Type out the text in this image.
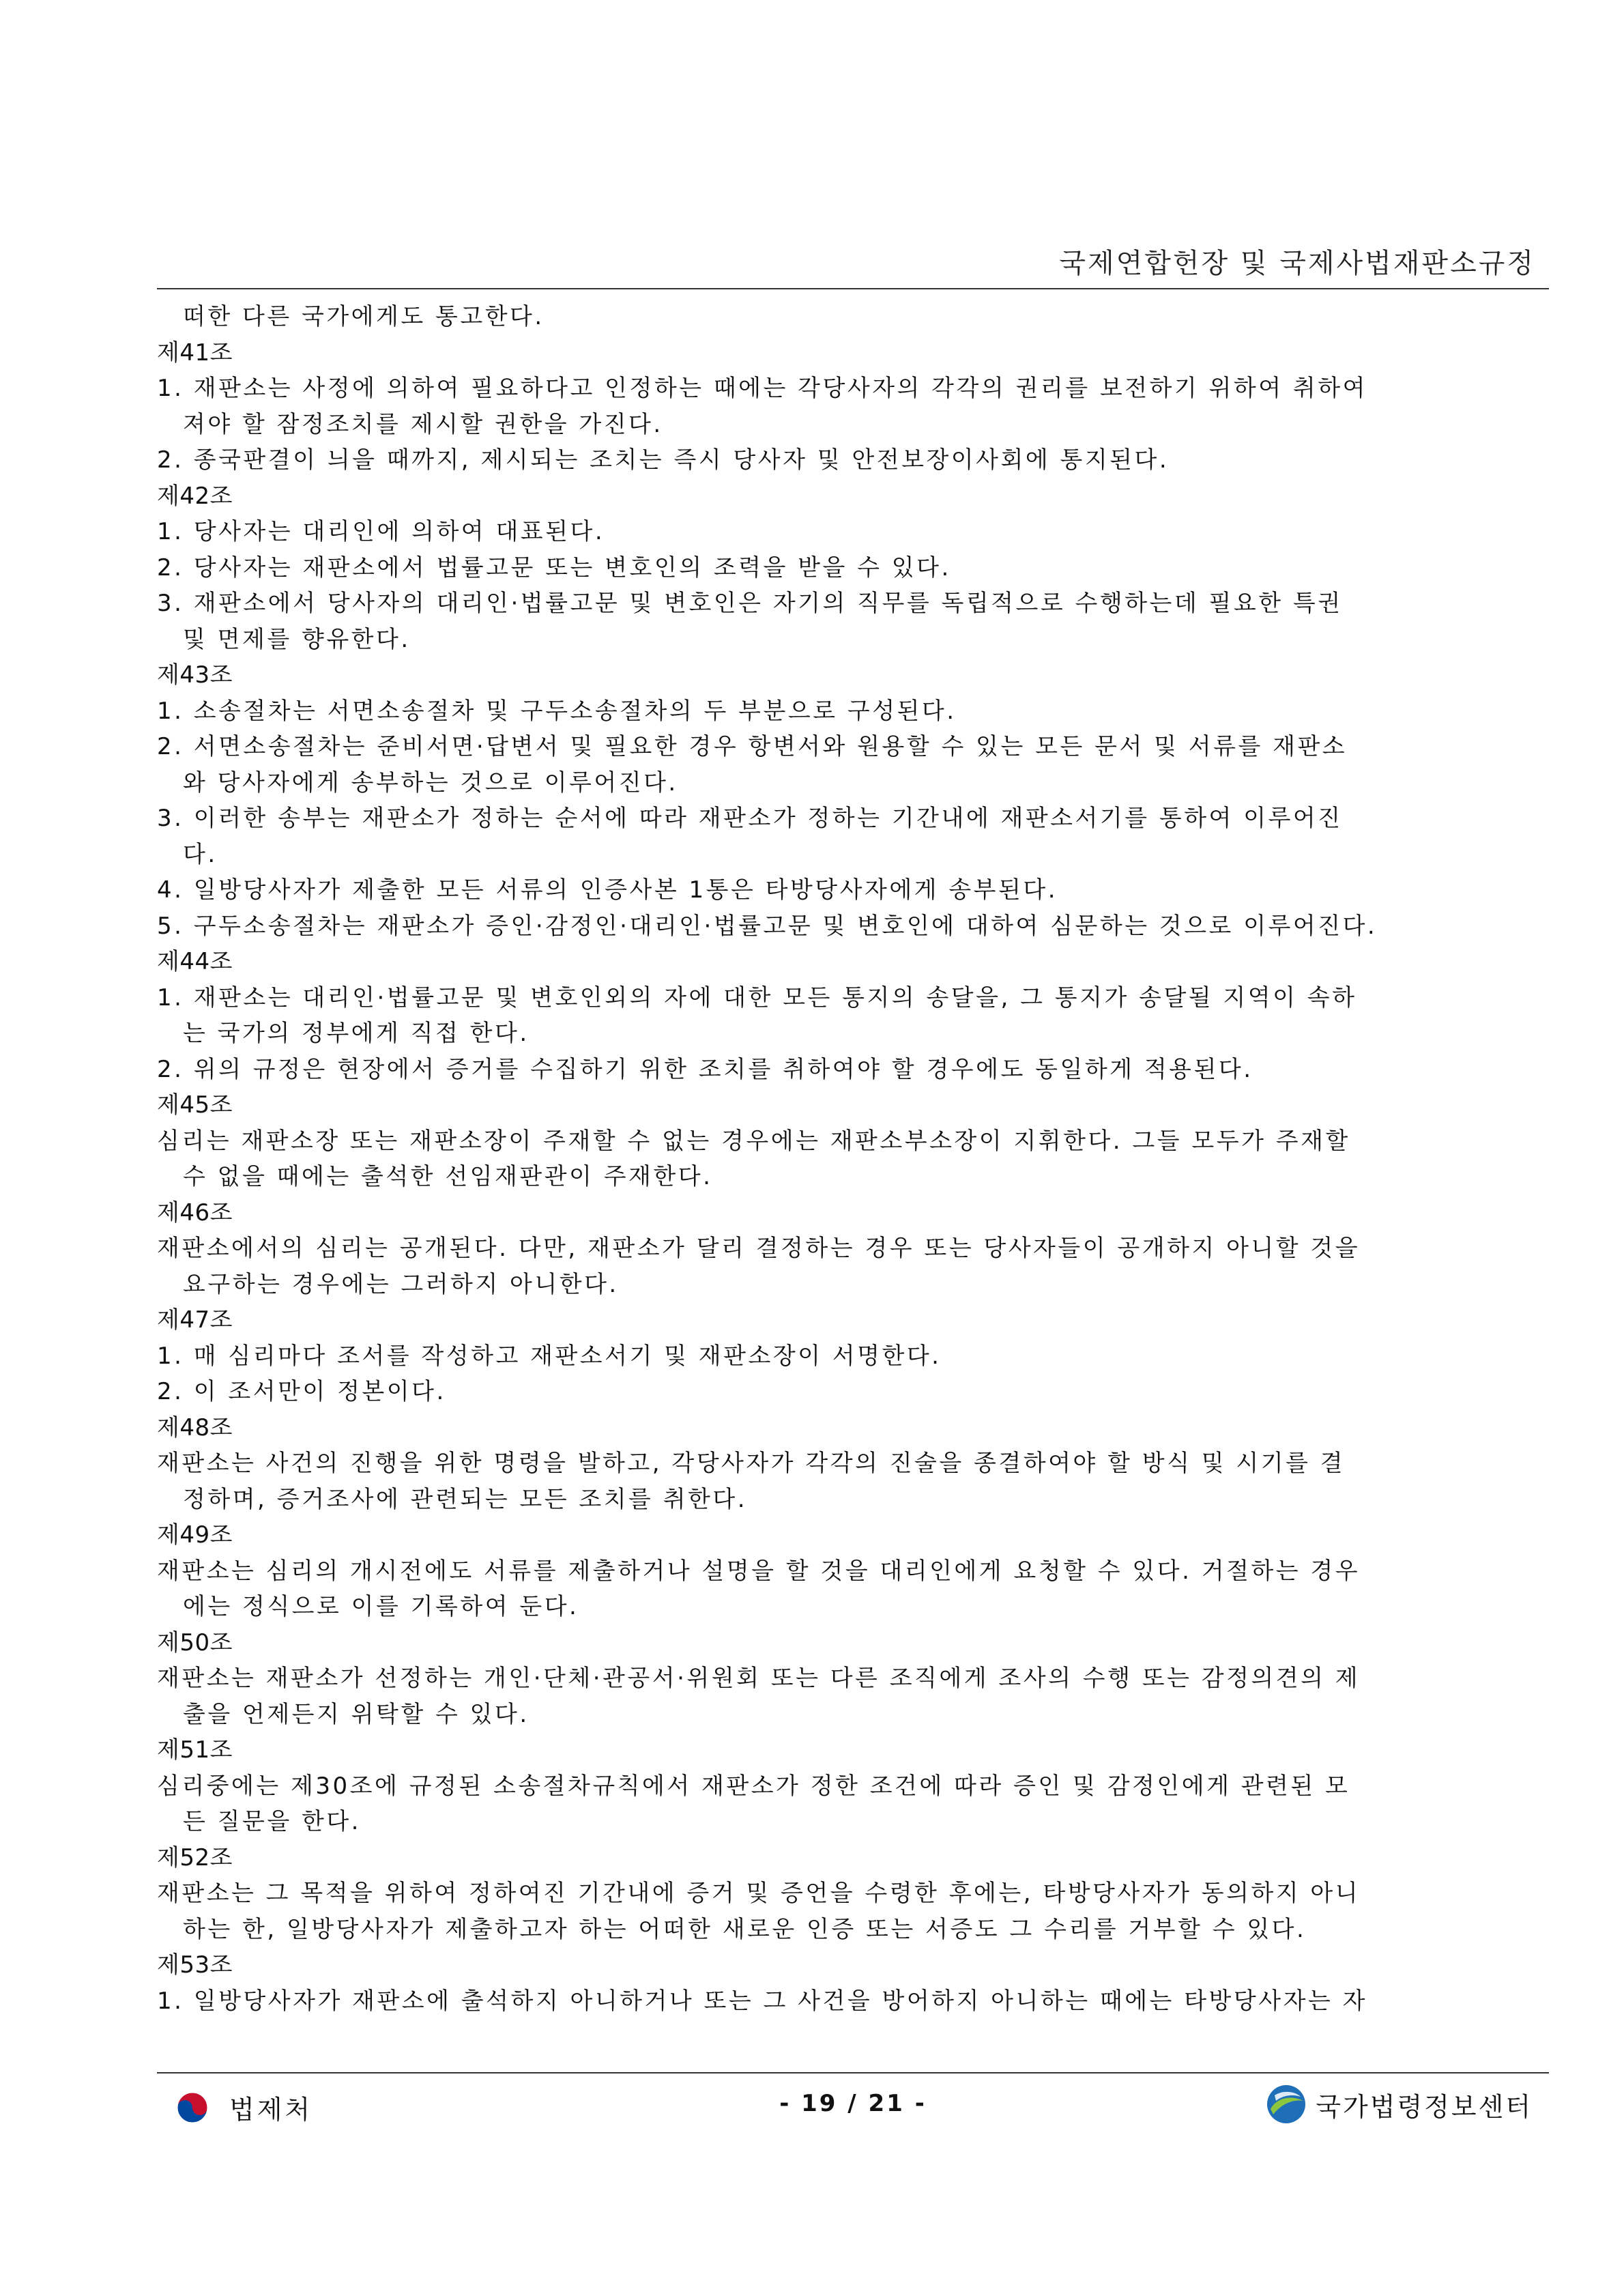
국제연합헌장 및 국제사법재판소규정
떠한 다른 국가에게도 통고한다.
제41조
1. 재판소는 사정에 의하여 필요하다고 인정하는 때에는 각당사자의 각각의 권리를 보전하기 위하여 취하여
져야 할 잠정조치를 제시할 권한을 가진다.
2. 종국판결이 늬을 때까지, 제시되는 조치는 즉시 당사자 및 안전보장이사회에 통지된다.
제42조
1. 당사자는 대리인에 의하여 대표된다.
2. 당사자는 재판소에서 법률고문 또는 변호인의 조력을 받을 수 있다.
3. 재판소에서 당사자의 대리인·법률고문 및 변호인은 자기의 직무를 독립적으로 수행하는데 필요한 특권
및 면제를 향유한다.
제43조
1. 소송절차는 서면소송절차 및 구두소송절차의 두 부분으로 구성된다.
2. 서면소송절차는 준비서면·답변서 및 필요한 경우 항변서와 원용할 수 있는 모든 문서 및 서류를 재판소
와 당사자에게 송부하는 것으로 이루어진다.
3. 이러한 송부는 재판소가 정하는 순서에 따라 재판소가 정하는 기간내에 재판소서기를 통하여 이루어진
다.
4. 일방당사자가 제출한 모든 서류의 인증사본 1통은 타방당사자에게 송부된다.
5. 구두소송절차는 재판소가 증인·감정인·대리인·법률고문 및 변호인에 대하여 심문하는 것으로 이루어진다.
제44조
1. 재판소는 대리인·법률고문 및 변호인외의 자에 대한 모든 통지의 송달을, 그 통지가 송달될 지역이 속하
는 국가의 정부에게 직접 한다.
2. 위의 규정은 현장에서 증거를 수집하기 위한 조치를 취하여야 할 경우에도 동일하게 적용된다.
제45조
심리는 재판소장 또는 재판소장이 주재할 수 없는 경우에는 재판소부소장이 지휘한다. 그들 모두가 주재할
수 없을 때에는 출석한 선임재판관이 주재한다.
제46조
재판소에서의 심리는 공개된다. 다만, 재판소가 달리 결정하는 경우 또는 당사자들이 공개하지 아니할 것을
요구하는 경우에는 그러하지 아니한다.
제47조
1. 매 심리마다 조서를 작성하고 재판소서기 및 재판소장이 서명한다.
2. 이 조서만이 정본이다.
제48조
재판소는 사건의 진행을 위한 명령을 발하고, 각당사자가 각각의 진술을 종결하여야 할 방식 및 시기를 결
정하며, 증거조사에 관련되는 모든 조치를 취한다.
제49조
재판소는 심리의 개시전에도 서류를 제출하거나 설명을 할 것을 대리인에게 요청할 수 있다. 거절하는 경우
에는 정식으로 이를 기록하여 둔다.
제50조
재판소는 재판소가 선정하는 개인·단체·관공서·위원회 또는 다른 조직에게 조사의 수행 또는 감정의견의 제
출을 언제든지 위탁할 수 있다.
제51조
심리중에는 제30조에 규정된 소송절차규칙에서 재판소가 정한 조건에 따라 증인 및 감정인에게 관련된 모
든 질문을 한다.
제52조
재판소는 그 목적을 위하여 정하여진 기간내에 증거 및 증언을 수령한 후에는, 타방당사자가 동의하지 아니
하는 한, 일방당사자가 제출하고자 하는 어떠한 새로운 인증 또는 서증도 그 수리를 거부할 수 있다.
제53조
1. 일방당사자가 재판소에 출석하지 아니하거나 또는 그 사건을 방어하지 아니하는 때에는 타방당사자는 자
법제처	- 19 / 21 -	국가법령정보센터
